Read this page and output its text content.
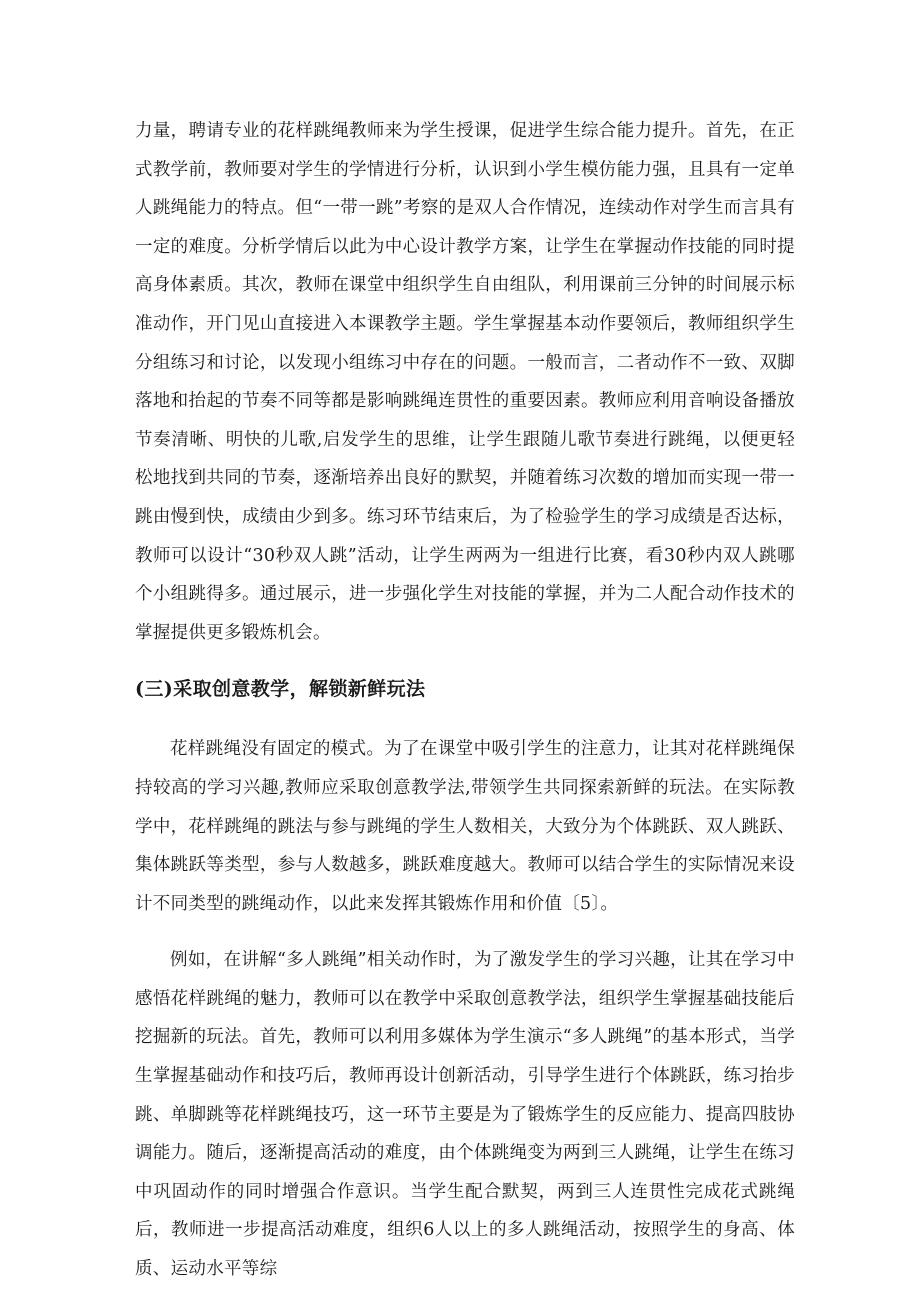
力量，聘请专业的花样跳绳教师来为学生授课，促进学生综合能力提升。首先，在正式教学前，教师要对学生的学情进行分析，认识到小学生模仿能力强，且具有一定单人跳绳能力的特点。但“一带一跳”考察的是双人合作情况，连续动作对学生而言具有一定的难度。分析学情后以此为中心设计教学方案，让学生在掌握动作技能的同时提高身体素质。其次，教师在课堂中组织学生自由组队，利用课前三分钟的时间展示标准动作，开门见山直接进入本课教学主题。学生掌握基本动作要领后，教师组织学生分组练习和讨论，以发现小组练习中存在的问题。一般而言，二者动作不一致、双脚落地和抬起的节奏不同等都是影响跳绳连贯性的重要因素。教师应利用音响设备播放节奏清晰、明快的儿歌,启发学生的思维，让学生跟随儿歌节奏进行跳绳，以便更轻松地找到共同的节奏，逐渐培养出良好的默契，并随着练习次数的增加而实现一带一跳由慢到快，成绩由少到多。练习环节结束后，为了检验学生的学习成绩是否达标，教师可以设计“30秒双人跳”活动，让学生两两为一组进行比赛，看30秒内双人跳哪个小组跳得多。通过展示，进一步强化学生对技能的掌握，并为二人配合动作技术的掌握提供更多锻炼机会。

(三)采取创意教学，解锁新鲜玩法

花样跳绳没有固定的模式。为了在课堂中吸引学生的注意力，让其对花样跳绳保持较高的学习兴趣,教师应采取创意教学法,带领学生共同探索新鲜的玩法。在实际教学中，花样跳绳的跳法与参与跳绳的学生人数相关，大致分为个体跳跃、双人跳跃、集体跳跃等类型，参与人数越多，跳跃难度越大。教师可以结合学生的实际情况来设计不同类型的跳绳动作，以此来发挥其锻炼作用和价值〔5〕。

例如，在讲解“多人跳绳”相关动作时，为了激发学生的学习兴趣，让其在学习中感悟花样跳绳的魅力，教师可以在教学中采取创意教学法，组织学生掌握基础技能后挖掘新的玩法。首先，教师可以利用多媒体为学生演示“多人跳绳”的基本形式，当学生掌握基础动作和技巧后，教师再设计创新活动，引导学生进行个体跳跃，练习抬步跳、单脚跳等花样跳绳技巧，这一环节主要是为了锻炼学生的反应能力、提高四肢协调能力。随后，逐渐提高活动的难度，由个体跳绳变为两到三人跳绳，让学生在练习中巩固动作的同时增强合作意识。当学生配合默契，两到三人连贯性完成花式跳绳后，教师进一步提高活动难度，组织6人以上的多人跳绳活动，按照学生的身高、体质、运动水平等综
